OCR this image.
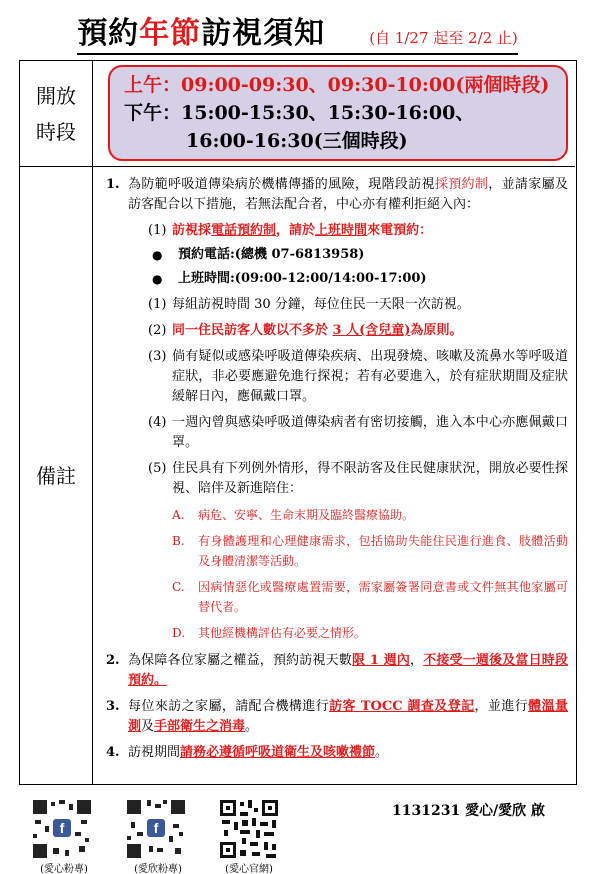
預約年節訪視須知	(自 1/27 起至 2/2 止)
開放
時段
上午：09:00-09:30、09:30-10:00(兩個時段)
下午：15:00-15:30、15:30-16:00、
16:00-16:30(三個時段)
備註
1. 為防範呼吸道傳染病於機構傳播的風險，現階段訪視採預約制，並請家屬及訪客配合以下措施，若無法配合者，中心亦有權利拒絕入內：
(1) 訪視採電話預約制，請於上班時間來電預約：
● 預約電話:(總機 07-6813958)
● 上班時間:(09:00-12:00/14:00-17:00)
(1) 每組訪視時間 30 分鐘，每位住民一天限一次訪視。
(2) 同一住民訪客人數以不多於 3 人(含兒童)為原則。
(3) 倘有疑似或感染呼吸道傳染疾病、出現發燒、咳嗽及流鼻水等呼吸道症狀，非必要應避免進行探視；若有必要進入，於有症狀期間及症狀緩解日內，應佩戴口罩。
(4) 一週內曾與感染呼吸道傳染病者有密切接觸，進入本中心亦應佩戴口罩。
(5) 住民具有下列例外情形，得不限訪客及住民健康狀況，開放必要性探視、陪伴及新進陪住：
A. 病危、安寧、生命末期及臨終醫療協助。
B. 有身體護理和心理健康需求，包括協助失能住民進行進食、肢體活動及身體清潔等活動。
C. 因病情惡化或醫療處置需要，需家屬簽署同意書或文件無其他家屬可替代者。
D. 其他經機構評估有必要之情形。
2. 為保障各位家屬之權益，預約訪視天數限 1 週內，不接受一週後及當日時段預約。
3. 每位來訪之家屬，請配合機構進行訪客 TOCC 調查及登記，並進行體溫量測及手部衛生之消毒。
4. 訪視期間請務必遵循呼吸道衛生及咳嗽禮節。
f
(愛心粉專)
f
(愛欣粉專)	(愛心官網)
1131231 愛心/愛欣 啟
